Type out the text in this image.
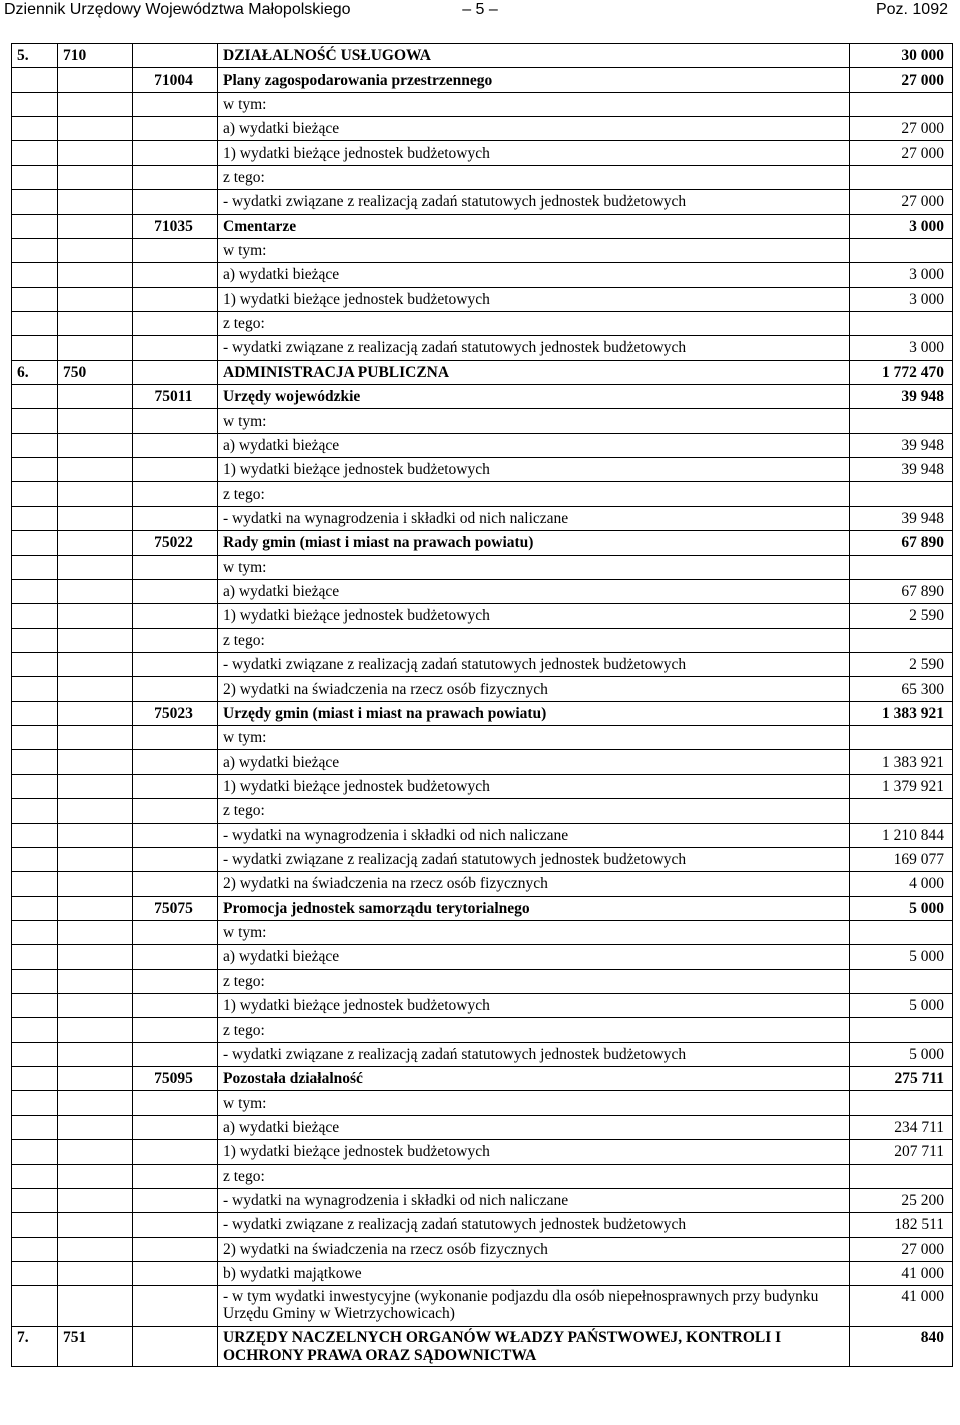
Dziennik Urzędowy Województwa Małopolskiego	– 5 –	Poz. 1092
5.	710		DZIAŁALNOŚĆ USŁUGOWA	30 000
		71004	Plany zagospodarowania przestrzennego	27 000
			w tym:	
			a) wydatki bieżące	27 000
			1) wydatki bieżące jednostek budżetowych	27 000
			z tego:	
			- wydatki związane z realizacją zadań statutowych jednostek budżetowych	27 000
		71035	Cmentarze	3 000
			w tym:	
			a) wydatki bieżące	3 000
			1) wydatki bieżące jednostek budżetowych	3 000
			z tego:	
			- wydatki związane z realizacją zadań statutowych jednostek budżetowych	3 000
6.	750		ADMINISTRACJA PUBLICZNA	1 772 470
		75011	Urzędy wojewódzkie	39 948
			w tym:	
			a) wydatki bieżące	39 948
			1) wydatki bieżące jednostek budżetowych	39 948
			z tego:	
			- wydatki na wynagrodzenia i składki od nich naliczane	39 948
		75022	Rady gmin (miast i miast na prawach powiatu)	67 890
			w tym:	
			a) wydatki bieżące	67 890
			1) wydatki bieżące jednostek budżetowych	2 590
			z tego:	
			- wydatki związane z realizacją zadań statutowych jednostek budżetowych	2 590
			2) wydatki na świadczenia na rzecz osób fizycznych	65 300
		75023	Urzędy gmin (miast i miast na prawach powiatu)	1 383 921
			w tym:	
			a) wydatki bieżące	1 383 921
			1) wydatki bieżące jednostek budżetowych	1 379 921
			z tego:	
			- wydatki na wynagrodzenia i składki od nich naliczane	1 210 844
			- wydatki związane z realizacją zadań statutowych jednostek budżetowych	169 077
			2) wydatki na świadczenia na rzecz osób fizycznych	4 000
		75075	Promocja jednostek samorządu terytorialnego	5 000
			w tym:	
			a) wydatki bieżące	5 000
			z tego:	
			1) wydatki bieżące jednostek budżetowych	5 000
			z tego:	
			- wydatki związane z realizacją zadań statutowych jednostek budżetowych	5 000
		75095	Pozostała działalność	275 711
			w tym:	
			a) wydatki bieżące	234 711
			1) wydatki bieżące jednostek budżetowych	207 711
			z tego:	
			- wydatki na wynagrodzenia i składki od nich naliczane	25 200
			- wydatki związane z realizacją zadań statutowych jednostek budżetowych	182 511
			2) wydatki na świadczenia na rzecz osób fizycznych	27 000
			b) wydatki majątkowe	41 000
			- w tym wydatki inwestycyjne (wykonanie podjazdu dla osób niepełnosprawnych przy budynku Urzędu Gminy w Wietrzychowicach)	41 000
7.	751		URZĘDY NACZELNYCH ORGANÓW WŁADZY PAŃSTWOWEJ, KONTROLI I OCHRONY PRAWA ORAZ SĄDOWNICTWA	840
